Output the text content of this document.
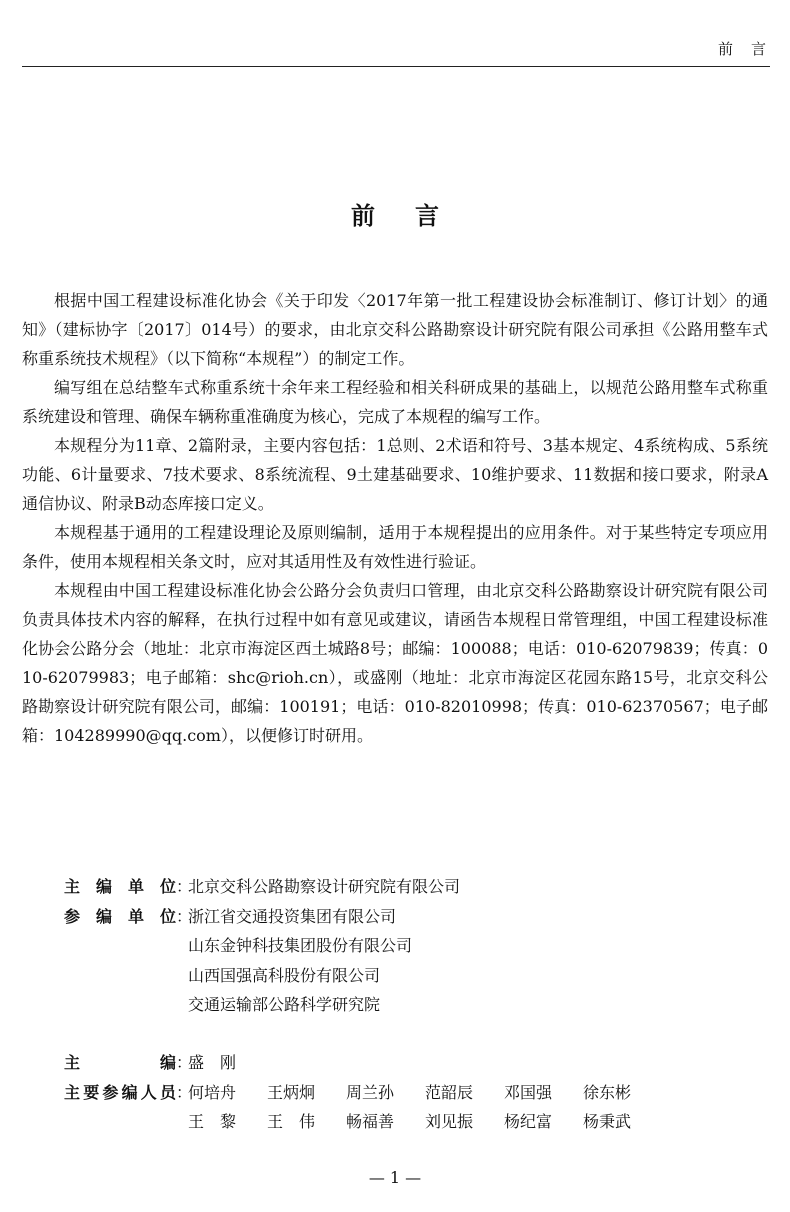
前言
前言

根据中国工程建设标准化协会《关于印发〈2017年第一批工程建设协会标准制订、修订计划〉的通知》（建标协字〔2017〕014号）的要求，由北京交科公路勘察设计研究院有限公司承担《公路用整车式称重系统技术规程》（以下简称“本规程”）的制定工作。

编写组在总结整车式称重系统十余年来工程经验和相关科研成果的基础上，以规范公路用整车式称重系统建设和管理、确保车辆称重准确度为核心，完成了本规程的编写工作。

本规程分为11章、2篇附录，主要内容包括：1总则、2术语和符号、3基本规定、4系统构成、5系统功能、6计量要求、7技术要求、8系统流程、9土建基础要求、10维护要求、11数据和接口要求，附录A通信协议、附录B动态库接口定义。

本规程基于通用的工程建设理论及原则编制，适用于本规程提出的应用条件。对于某些特定专项应用条件，使用本规程相关条文时，应对其适用性及有效性进行验证。

本规程由中国工程建设标准化协会公路分会负责归口管理，由北京交科公路勘察设计研究院有限公司负责具体技术内容的解释，在执行过程中如有意见或建议，请函告本规程日常管理组，中国工程建设标准化协会公路分会（地址：北京市海淀区西土城路8号；邮编：100088；电话：010-62079839；传真：010-62079983；电子邮箱：shc@rioh.cn），或盛刚（地址：北京市海淀区花园东路15号，北京交科公路勘察设计研究院有限公司，邮编：100191；电话：010-82010998；传真：010-62370567；电子邮箱：104289990@qq.com），以便修订时研用。

主编单位 ：
北京交科公路勘察设计研究院有限公司
参编单位 ：
浙江省交通投资集团有限公司
山东金钟科技集团股份有限公司
山西国强高科股份有限公司
交通运输部公路科学研究院
主编 ：
盛　刚
主要参编人员 ：
何培舟	王炳炯	周兰孙	范韶辰	邓国强	徐东彬
王　黎	王　伟	畅福善	刘见振	杨纪富	杨秉武
— 1 —
